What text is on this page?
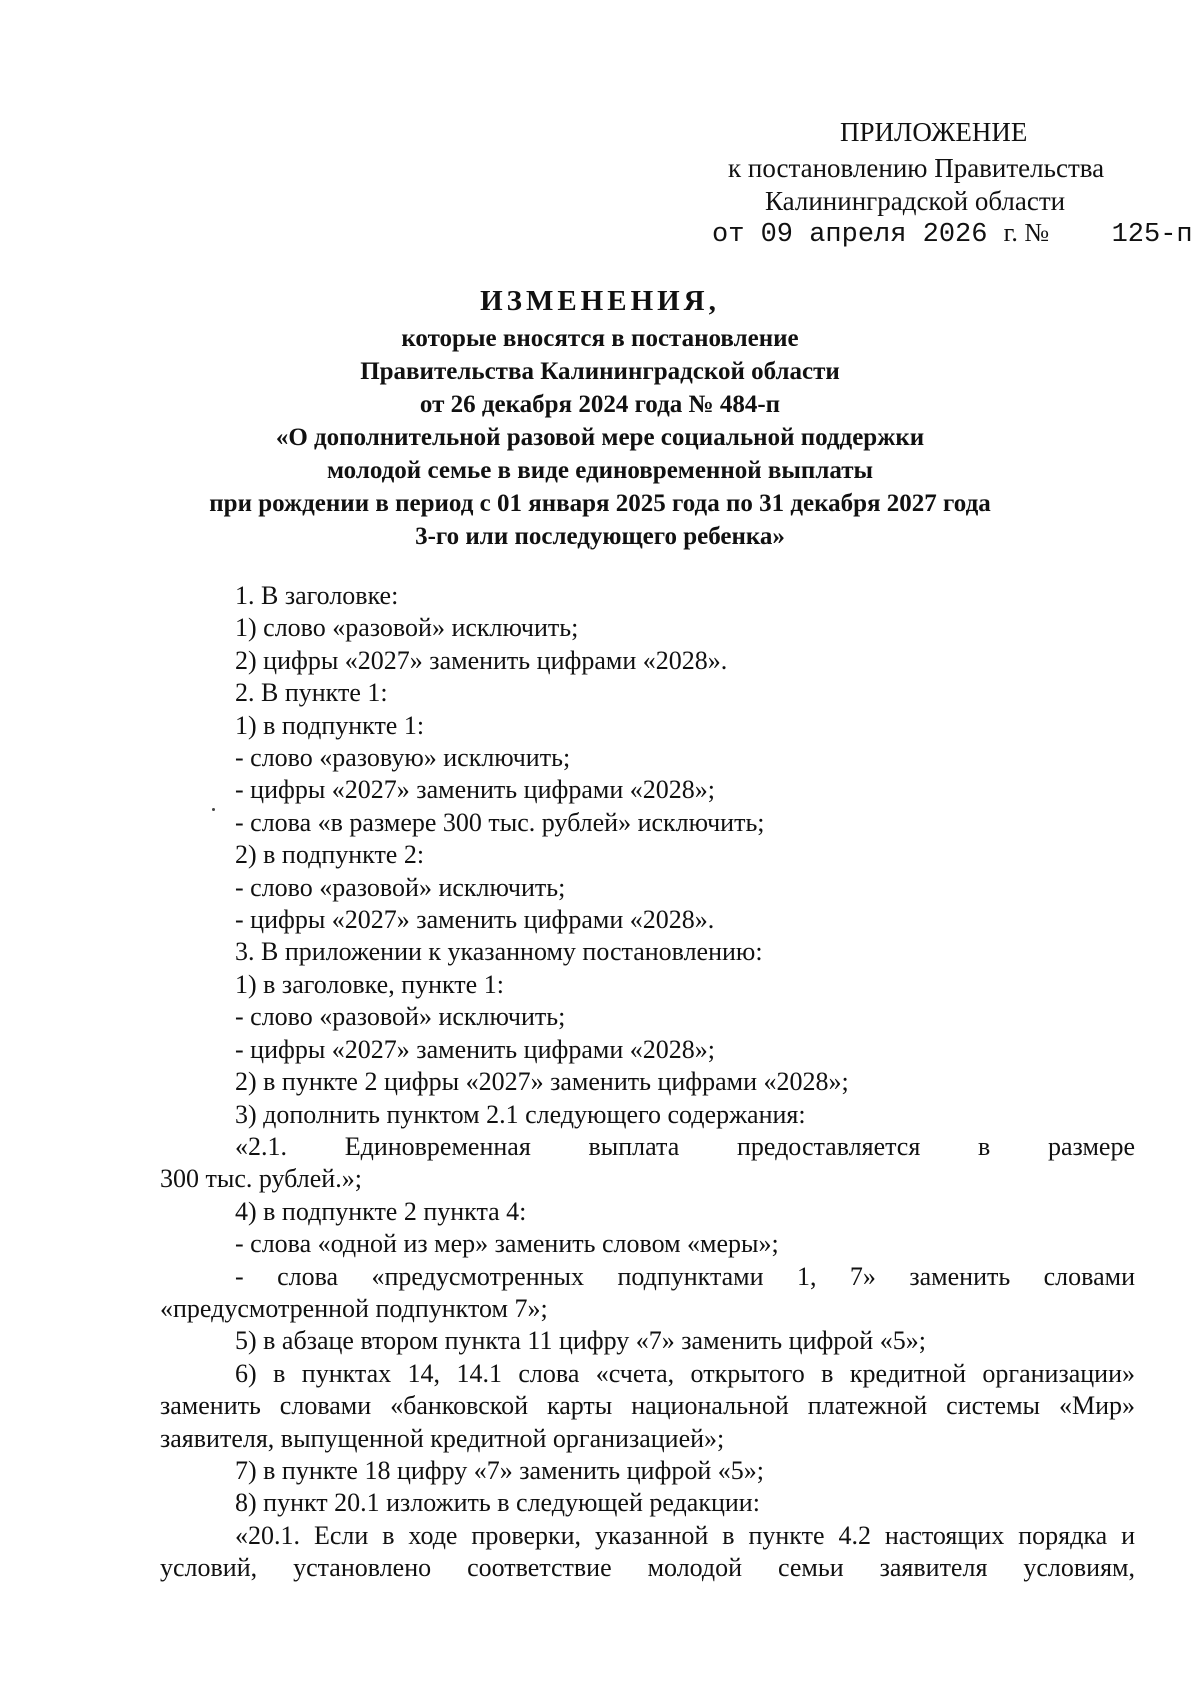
ПРИЛОЖЕНИЕ
к постановлению Правительства
Калининградской области
от 09 апреля 2026 г. № 125-п
ИЗМЕНЕНИЯ,
которые вносятся в постановление
Правительства Калининградской области
от 26 декабря 2024 года № 484-п
«О дополнительной разовой мере социальной поддержки
молодой семье в виде единовременной выплаты
при рождении в период с 01 января 2025 года по 31 декабря 2027 года
3-го или последующего ребенка»

1. В заголовке:

1) слово «разовой» исключить;

2) цифры «2027» заменить цифрами «2028».

2. В пункте 1:

1) в подпункте 1:

- слово «разовую» исключить;

- цифры «2027» заменить цифрами «2028»;

- слова «в размере 300 тыс. рублей» исключить;

2) в подпункте 2:

- слово «разовой» исключить;

- цифры «2027» заменить цифрами «2028».

3. В приложении к указанному постановлению:

1) в заголовке, пункте 1:

- слово «разовой» исключить;

- цифры «2027» заменить цифрами «2028»;

2) в пункте 2 цифры «2027» заменить цифрами «2028»;

3) дополнить пунктом 2.1 следующего содержания:

«2.1. Единовременная выплата предоставляется в размере

300 тыс. рублей.»;

4) в подпункте 2 пункта 4:

- слова «одной из мер» заменить словом «меры»;

- слова «предусмотренных подпунктами 1, 7» заменить словами

«предусмотренной подпунктом 7»;

5) в абзаце втором пункта 11 цифру «7» заменить цифрой «5»;

6) в пунктах 14, 14.1 слова «счета, открытого в кредитной организации»

заменить словами «банковской карты национальной платежной системы «Мир»

заявителя, выпущенной кредитной организацией»;

7) в пункте 18 цифру «7» заменить цифрой «5»;

8) пункт 20.1 изложить в следующей редакции:

«20.1. Если в ходе проверки, указанной в пункте 4.2 настоящих порядка и

условий, установлено соответствие молодой семьи заявителя условиям,
